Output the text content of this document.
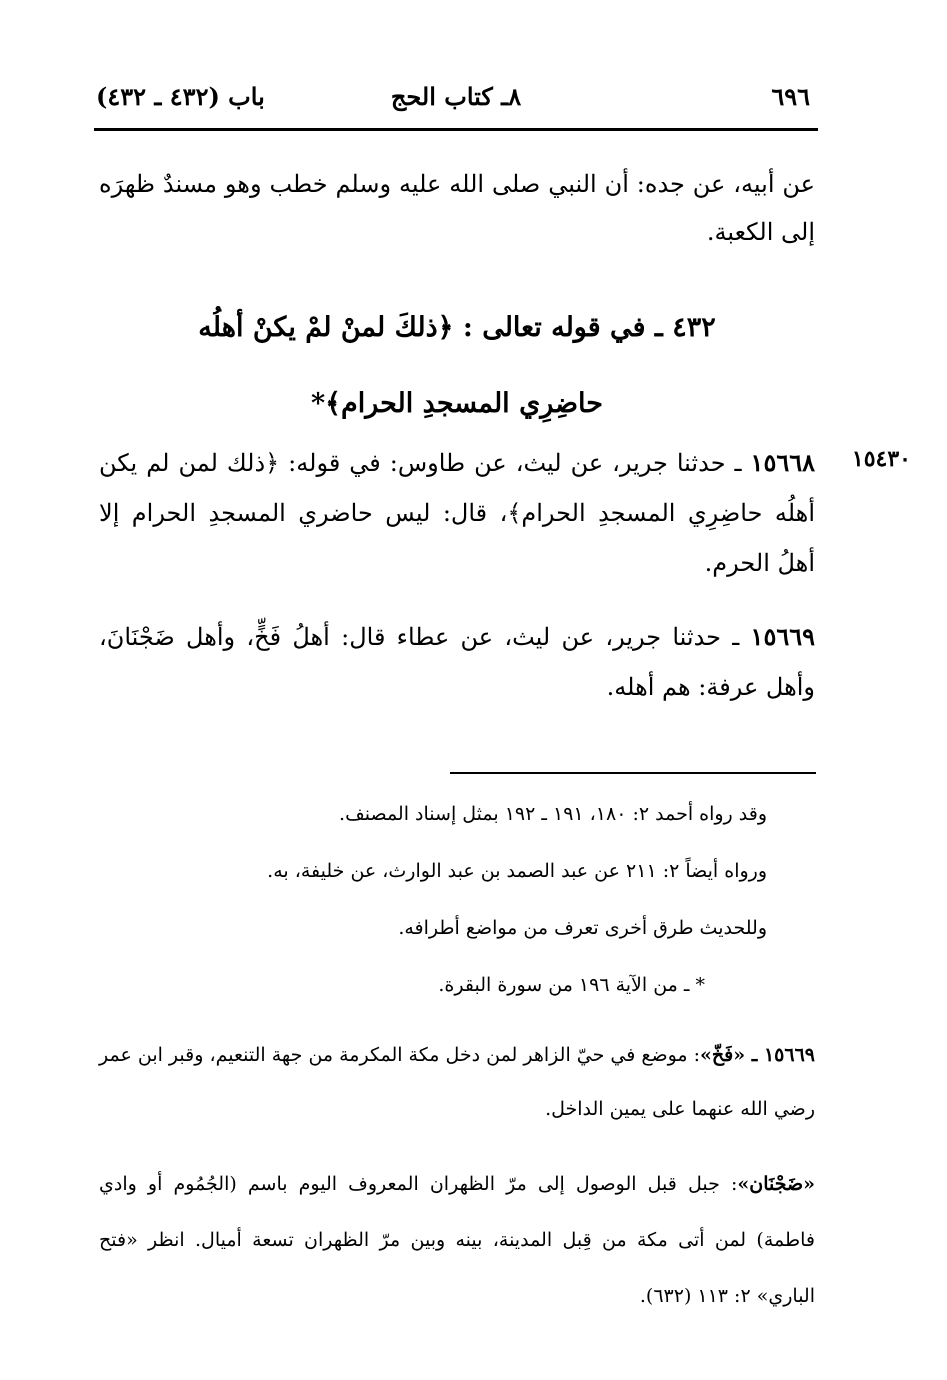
٦٩٦
٨ـ كتاب الحج
باب (٤٣٢ ـ ٤٣٢)
عن أبيه، عن جده: أن النبي صلى الله عليه وسلم خطب وهو مسندٌ ظهرَه إلى الكعبة.
٤٣٢ ـ في قوله تعالى : ﴿ذلكَ لمنْ لمْ يكنْ أهلُه
حاضِرِي المسجدِ الحرام﴾*
١٥٤٣٠
١٥٦٦٨ ـ حدثنا جرير، عن ليث، عن طاوس: في قوله: ﴿ذلك لمن لم يكن أهلُه حاضِرِي المسجدِ الحرام﴾، قال: ليس حاضري المسجدِ الحرام إلا أهلُ الحرم.
١٥٦٦٩ ـ حدثنا جرير، عن ليث، عن عطاء قال: أهلُ فَخٍّ، وأهل ضَجْنَانَ، وأهل عرفة: هم أهله.
وقد رواه أحمد ٢: ١٨٠، ١٩١ ـ ١٩٢ بمثل إسناد المصنف.
ورواه أيضاً ٢: ٢١١ عن عبد الصمد بن عبد الوارث، عن خليفة، به.
وللحديث طرق أخرى تعرف من مواضع أطرافه.
* ـ من الآية ١٩٦ من سورة البقرة.
١٥٦٦٩ ـ «فَخّ»: موضع في حيّ الزاهر لمن دخل مكة المكرمة من جهة التنعيم، وقبر ابن عمر رضي الله عنهما على يمين الداخل.
«ضَجْنَان»: جبل قبل الوصول إلى مرّ الظهران المعروف اليوم باسم (الجُمُوم أو وادي فاطمة) لمن أتى مكة من قِبل المدينة، بينه وبين مرّ الظهران تسعة أميال. انظر «فتح الباري» ٢: ١١٣ (٦٣٢).
